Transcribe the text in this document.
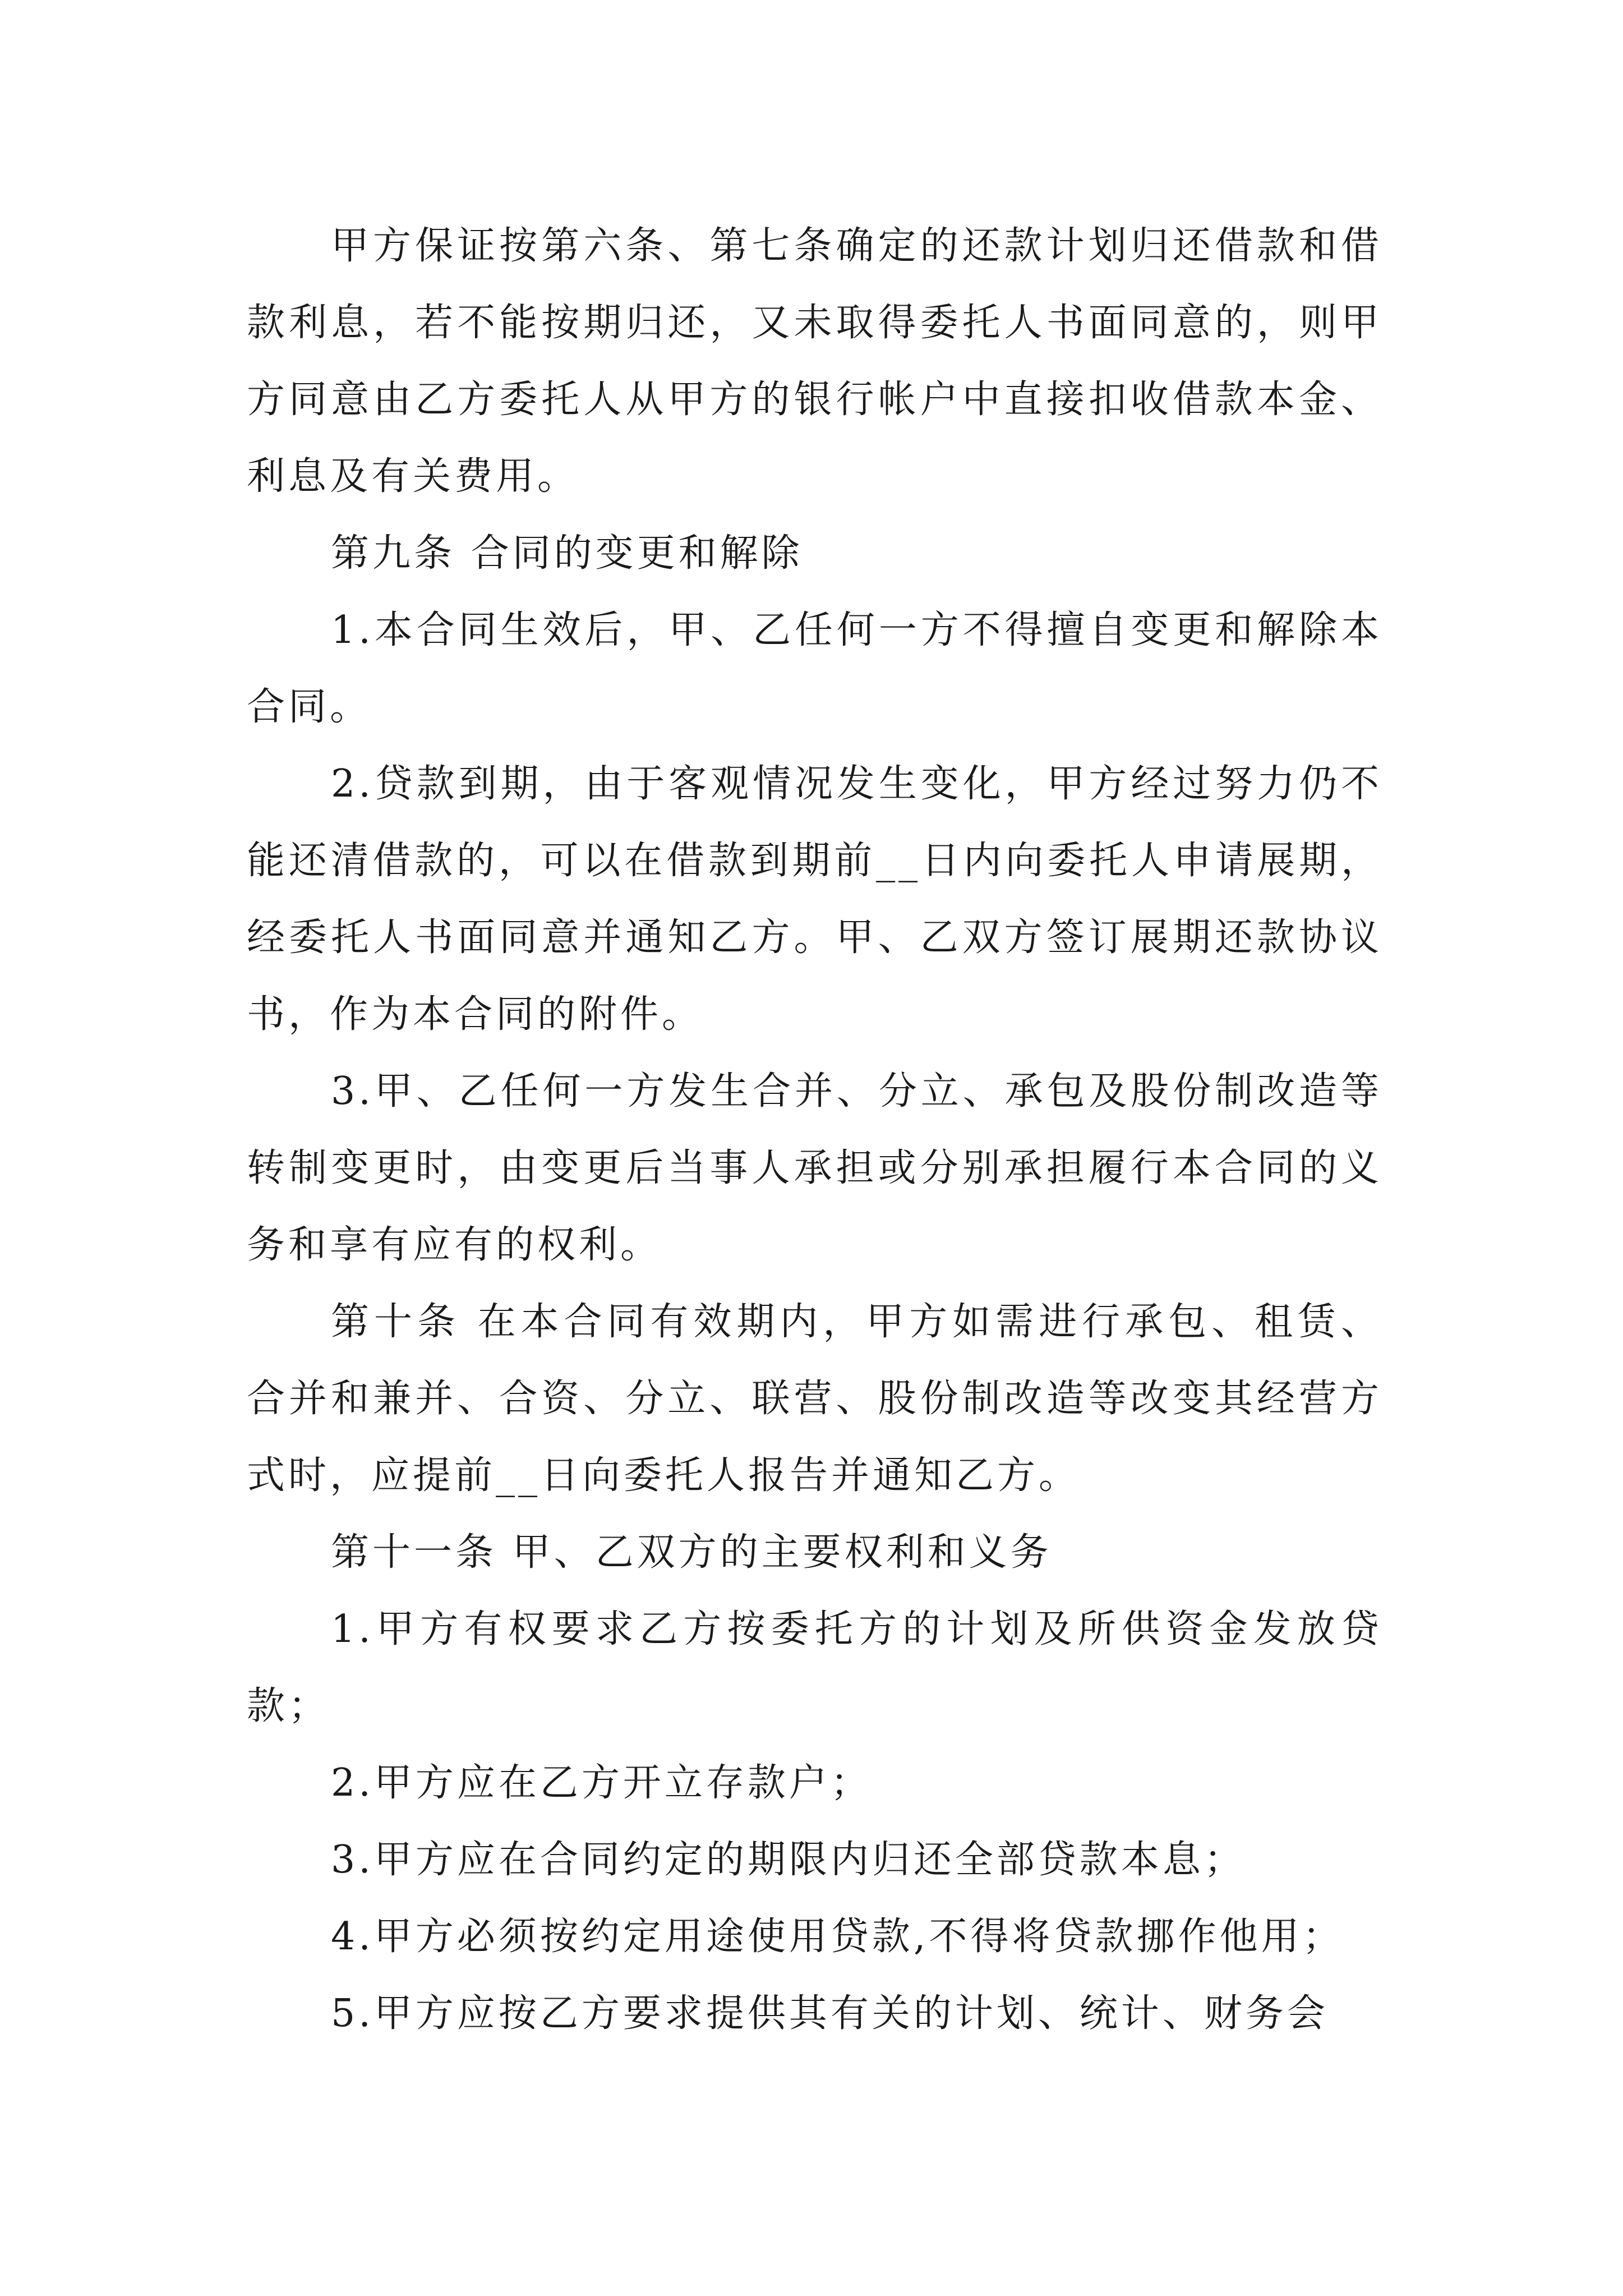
甲方保证按第六条、第七条确定的还款计划归还借款和借款利息，若不能按期归还，又未取得委托人书面同意的，则甲方同意由乙方委托人从甲方的银行帐户中直接扣收借款本金、利息及有关费用。

第九条 合同的变更和解除

1.本合同生效后，甲、乙任何一方不得擅自变更和解除本合同。

2.贷款到期，由于客观情况发生变化，甲方经过努力仍不能还清借款的，可以在借款到期前__日内向委托人申请展期，经委托人书面同意并通知乙方。甲、乙双方签订展期还款协议书，作为本合同的附件。

3.甲、乙任何一方发生合并、分立、承包及股份制改造等转制变更时，由变更后当事人承担或分别承担履行本合同的义务和享有应有的权利。

第十条 在本合同有效期内，甲方如需进行承包、租赁、合并和兼并、合资、分立、联营、股份制改造等改变其经营方式时，应提前__日向委托人报告并通知乙方。

第十一条 甲、乙双方的主要权利和义务

1.甲方有权要求乙方按委托方的计划及所供资金发放贷款；

2.甲方应在乙方开立存款户；

3.甲方应在合同约定的期限内归还全部贷款本息；

4.甲方必须按约定用途使用贷款,不得将贷款挪作他用；

5.甲方应按乙方要求提供其有关的计划、统计、财务会
